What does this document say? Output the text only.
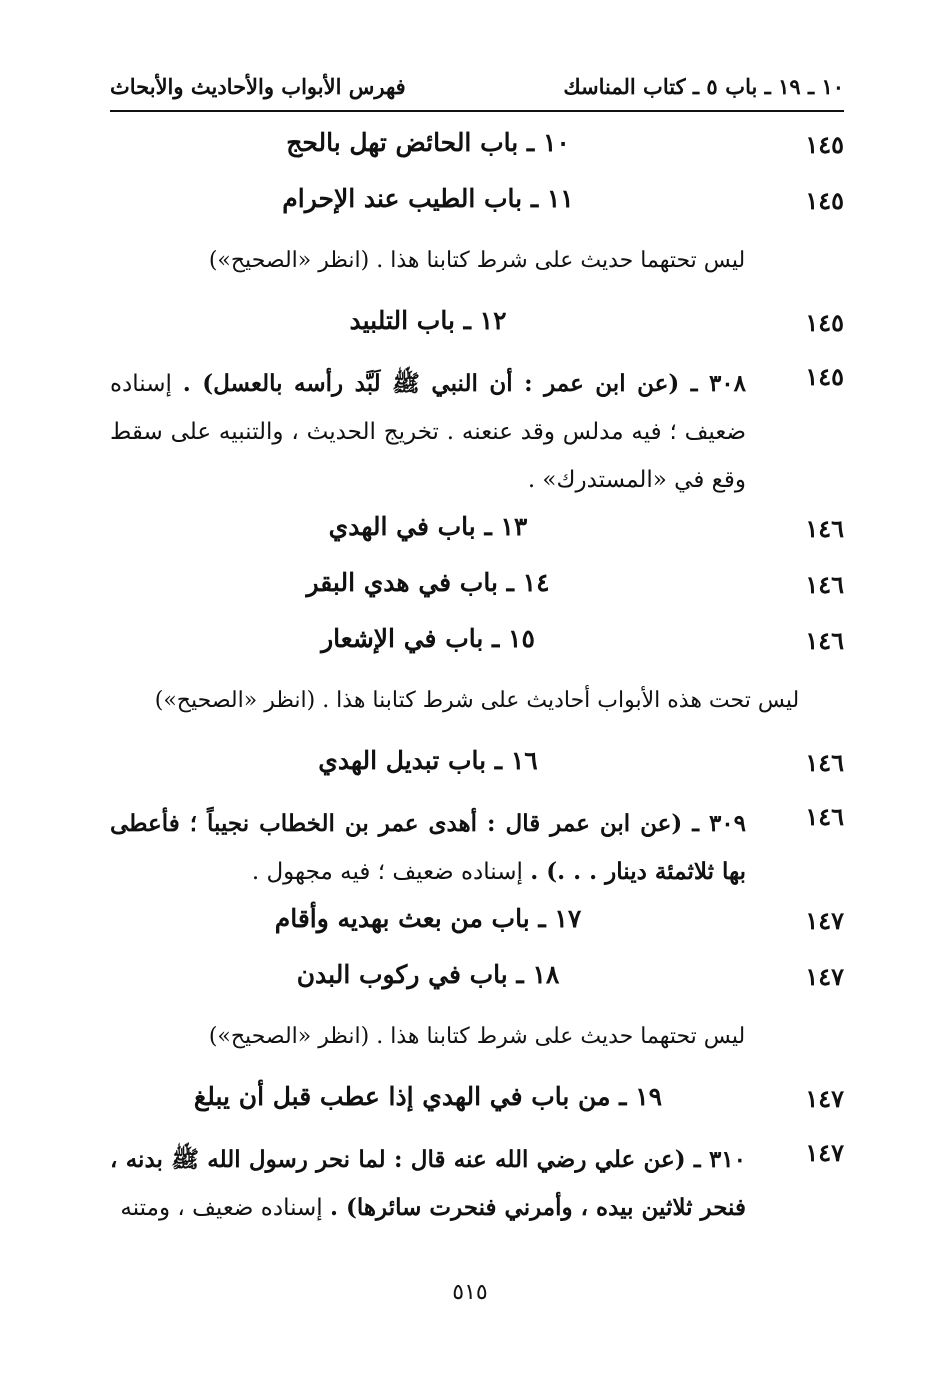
فهرس الأبواب والأحاديث والأبحاث	٥ ـ كتاب المناسك ١٠ ـ ١٩ ـ باب
١٤٥
١٠ ـ باب الحائض تهل بالحج
١٤٥
١١ ـ باب الطيب عند الإحرام
ليس تحتهما حديث على شرط كتابنا هذا . (انظر «الصحيح»)
١٤٥
١٢ ـ باب التلبيد
١٤٥
٣٠٨ ـ (عن ابن عمر : أن النبي ﷺ لَبَّد رأسه بالعسل) . إسناده ضعيف ؛ فيه مدلس وقد عنعنه . تخريج الحديث ، والتنبيه على سقط وقع في «المستدرك» .
١٤٦
١٣ ـ باب في الهدي
١٤٦
١٤ ـ باب في هدي البقر
١٤٦
١٥ ـ باب في الإشعار
ليس تحت هذه الأبواب أحاديث على شرط كتابنا هذا . (انظر «الصحيح»)
١٤٦
١٦ ـ باب تبديل الهدي
١٤٦
٣٠٩ ـ (عن ابن عمر قال : أهدى عمر بن الخطاب نجيباً ؛ فأعطى بها ثلاثمئة دينار . . .) . إسناده ضعيف ؛ فيه مجهول .
١٤٧
١٧ ـ باب من بعث بهديه وأقام
١٤٧
١٨ ـ باب في ركوب البدن
ليس تحتهما حديث على شرط كتابنا هذا . (انظر «الصحيح»)
١٤٧
١٩ ـ من باب في الهدي إذا عطب قبل أن يبلغ
١٤٧
٣١٠ ـ (عن علي رضي الله عنه قال : لما نحر رسول الله ﷺ بدنه ، فنحر ثلاثين بيده ، وأمرني فنحرت سائرها) . إسناده ضعيف ، ومتنه
٥١٥
